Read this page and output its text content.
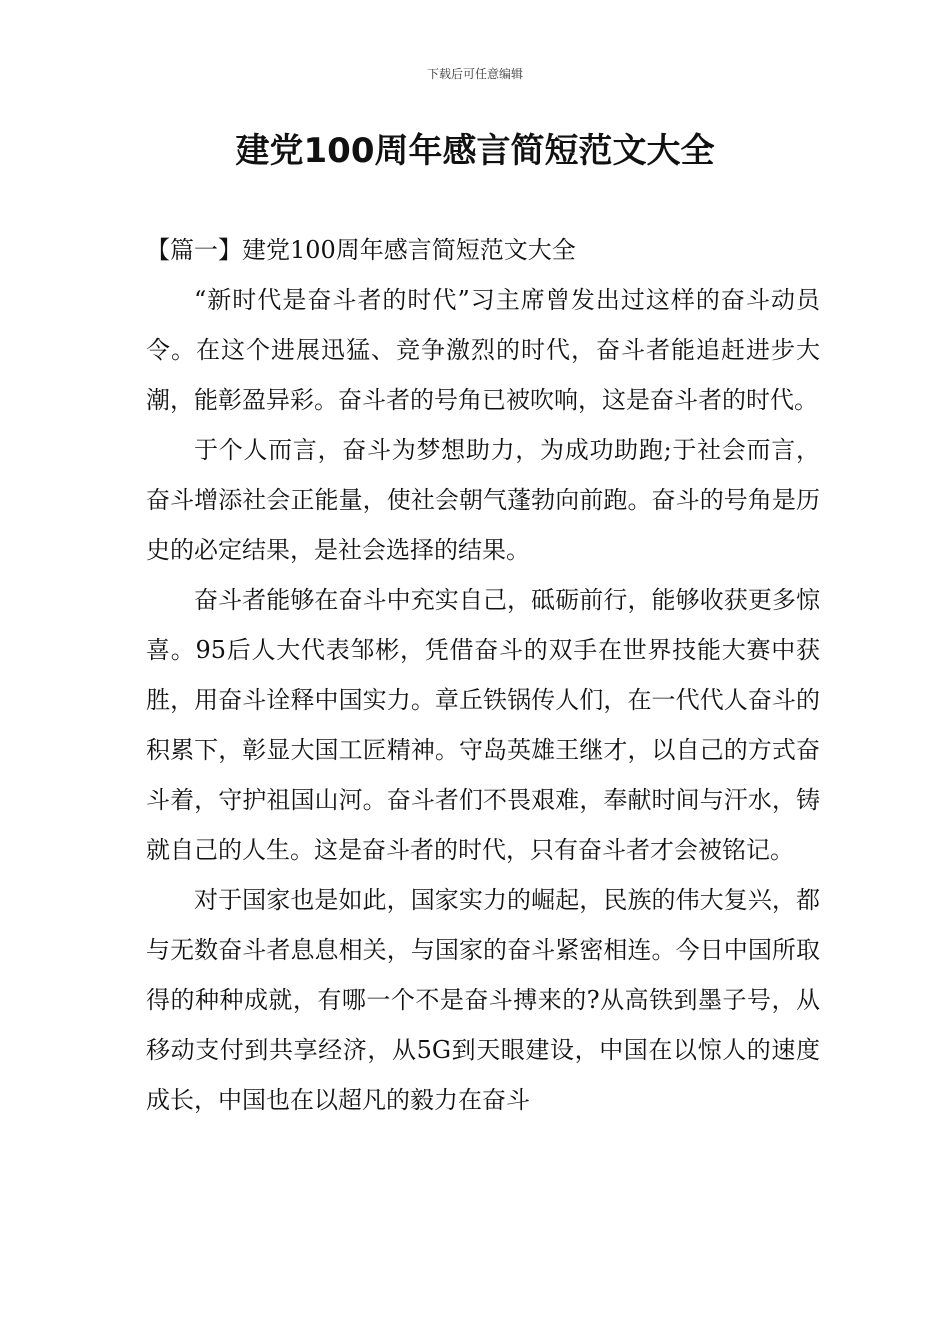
下载后可任意编辑
建党100周年感言简短范文大全

【篇一】建党100周年感言简短范文大全

“新时代是奋斗者的时代”习主席曾发出过这样的奋斗动员令。在这个进展迅猛、竞争激烈的时代，奋斗者能追赶进步大潮，能彰盈异彩。奋斗者的号角已被吹响，这是奋斗者的时代。

于个人而言，奋斗为梦想助力，为成功助跑;于社会而言，奋斗增添社会正能量，使社会朝气蓬勃向前跑。奋斗的号角是历史的必定结果，是社会选择的结果。

奋斗者能够在奋斗中充实自己，砥砺前行，能够收获更多惊喜。95后人大代表邹彬，凭借奋斗的双手在世界技能大赛中获胜，用奋斗诠释中国实力。章丘铁锅传人们，在一代代人奋斗的积累下，彰显大国工匠精神。守岛英雄王继才，以自己的方式奋斗着，守护祖国山河。奋斗者们不畏艰难，奉献时间与汗水，铸就自己的人生。这是奋斗者的时代，只有奋斗者才会被铭记。

对于国家也是如此，国家实力的崛起，民族的伟大复兴，都与无数奋斗者息息相关，与国家的奋斗紧密相连。今日中国所取得的种种成就，有哪一个不是奋斗搏来的?从高铁到墨子号，从移动支付到共享经济，从5G到天眼建设，中国在以惊人的速度成长，中国也在以超凡的毅力在奋斗
